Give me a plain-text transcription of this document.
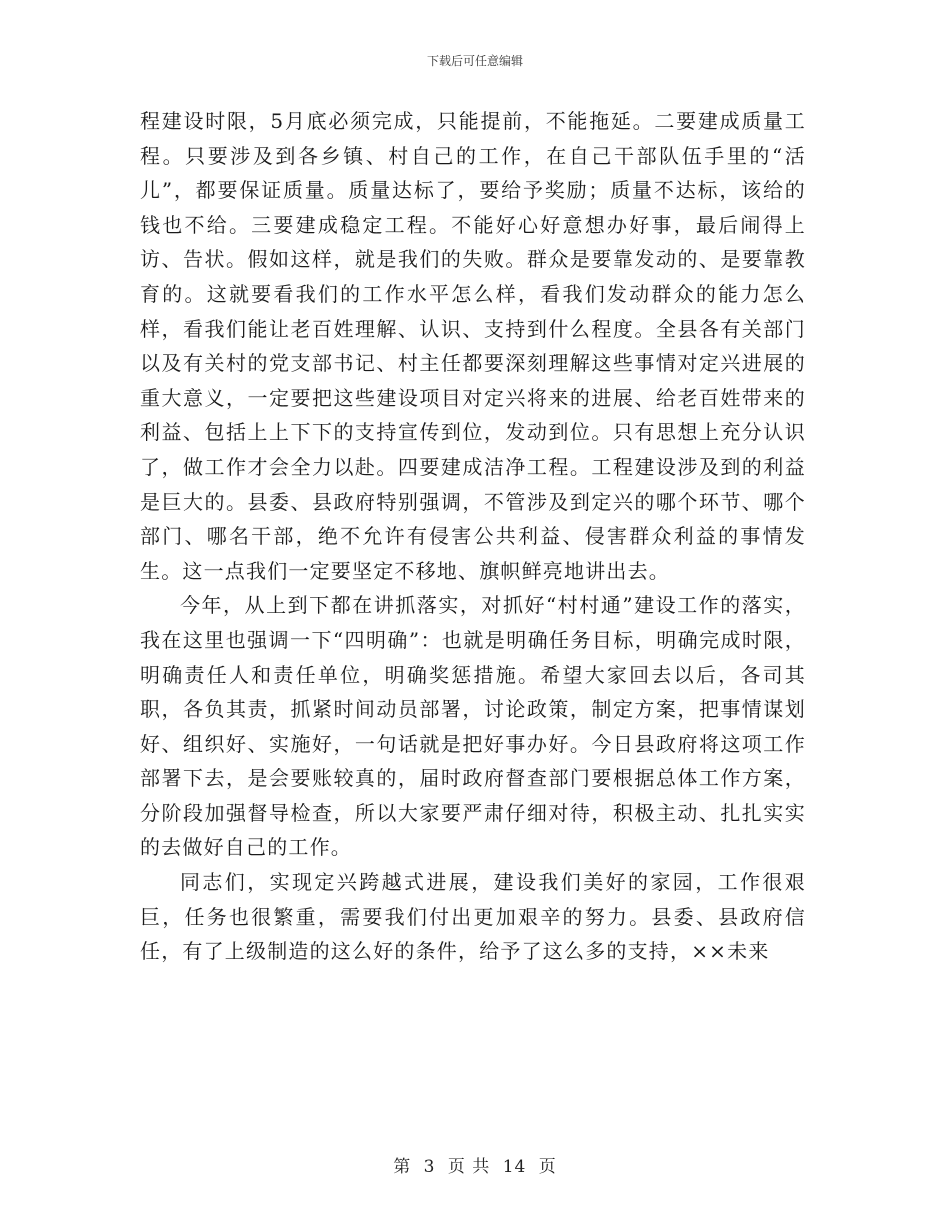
下载后可任意编辑

程建设时限，5月底必须完成，只能提前，不能拖延。二要建成质量工程。只要涉及到各乡镇、村自己的工作，在自己干部队伍手里的“活儿”，都要保证质量。质量达标了，要给予奖励；质量不达标，该给的钱也不给。三要建成稳定工程。不能好心好意想办好事，最后闹得上访、告状。假如这样，就是我们的失败。群众是要靠发动的、是要靠教育的。这就要看我们的工作水平怎么样，看我们发动群众的能力怎么样，看我们能让老百姓理解、认识、支持到什么程度。全县各有关部门以及有关村的党支部书记、村主任都要深刻理解这些事情对定兴进展的重大意义，一定要把这些建设项目对定兴将来的进展、给老百姓带来的利益、包括上上下下的支持宣传到位，发动到位。只有思想上充分认识了，做工作才会全力以赴。四要建成洁净工程。工程建设涉及到的利益是巨大的。县委、县政府特别强调，不管涉及到定兴的哪个环节、哪个部门、哪名干部，绝不允许有侵害公共利益、侵害群众利益的事情发生。这一点我们一定要坚定不移地、旗帜鲜亮地讲出去。

今年，从上到下都在讲抓落实，对抓好“村村通”建设工作的落实，我在这里也强调一下“四明确”：也就是明确任务目标，明确完成时限，明确责任人和责任单位，明确奖惩措施。希望大家回去以后，各司其职，各负其责，抓紧时间动员部署，讨论政策，制定方案，把事情谋划好、组织好、实施好，一句话就是把好事办好。今日县政府将这项工作部署下去，是会要账较真的，届时政府督查部门要根据总体工作方案，分阶段加强督导检查，所以大家要严肃仔细对待，积极主动、扎扎实实的去做好自己的工作。

同志们，实现定兴跨越式进展，建设我们美好的家园，工作很艰巨，任务也很繁重，需要我们付出更加艰辛的努力。县委、县政府信任，有了上级制造的这么好的条件，给予了这么多的支持，××未来

第 3 页 共 14 页
